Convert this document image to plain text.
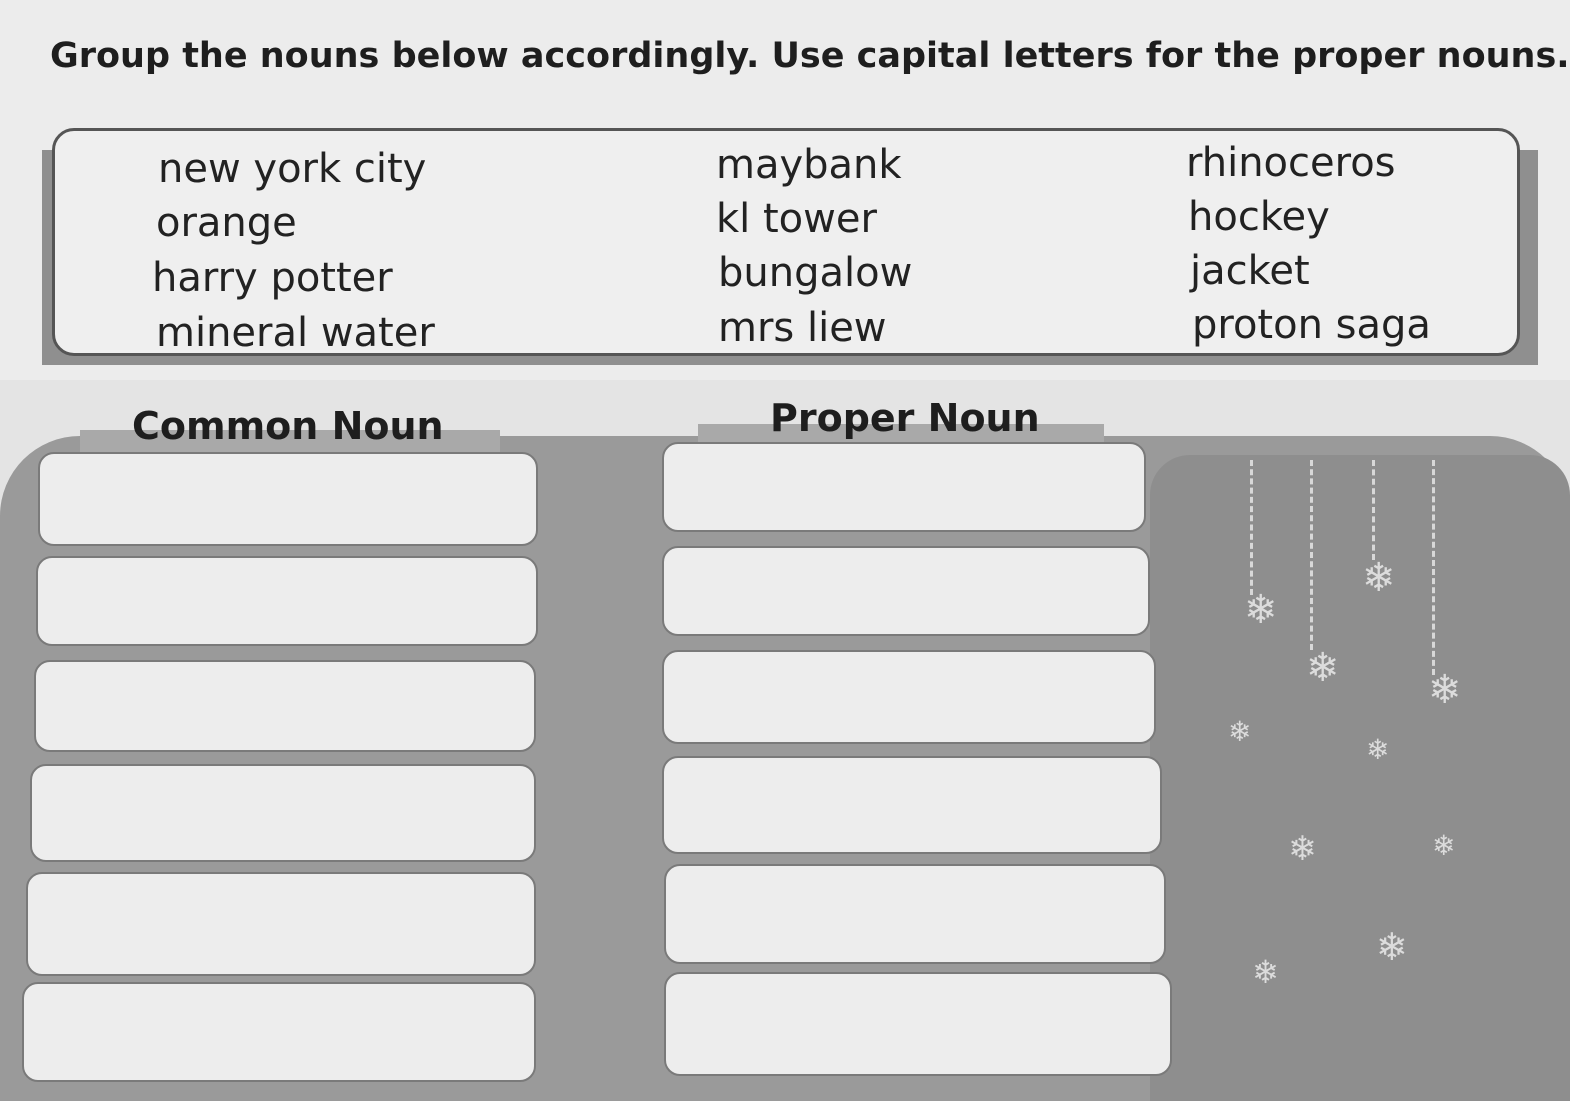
Group the nouns below accordingly. Use capital letters for the proper nouns.
new york city	maybank	rhinoceros
orange	kl tower	hockey
harry potter	bungalow	jacket
mineral water	mrs liew	proton saga
Common Noun	Proper Noun
❄
❄
❄
❄
❄
❄
❄	❄
❄
❄
